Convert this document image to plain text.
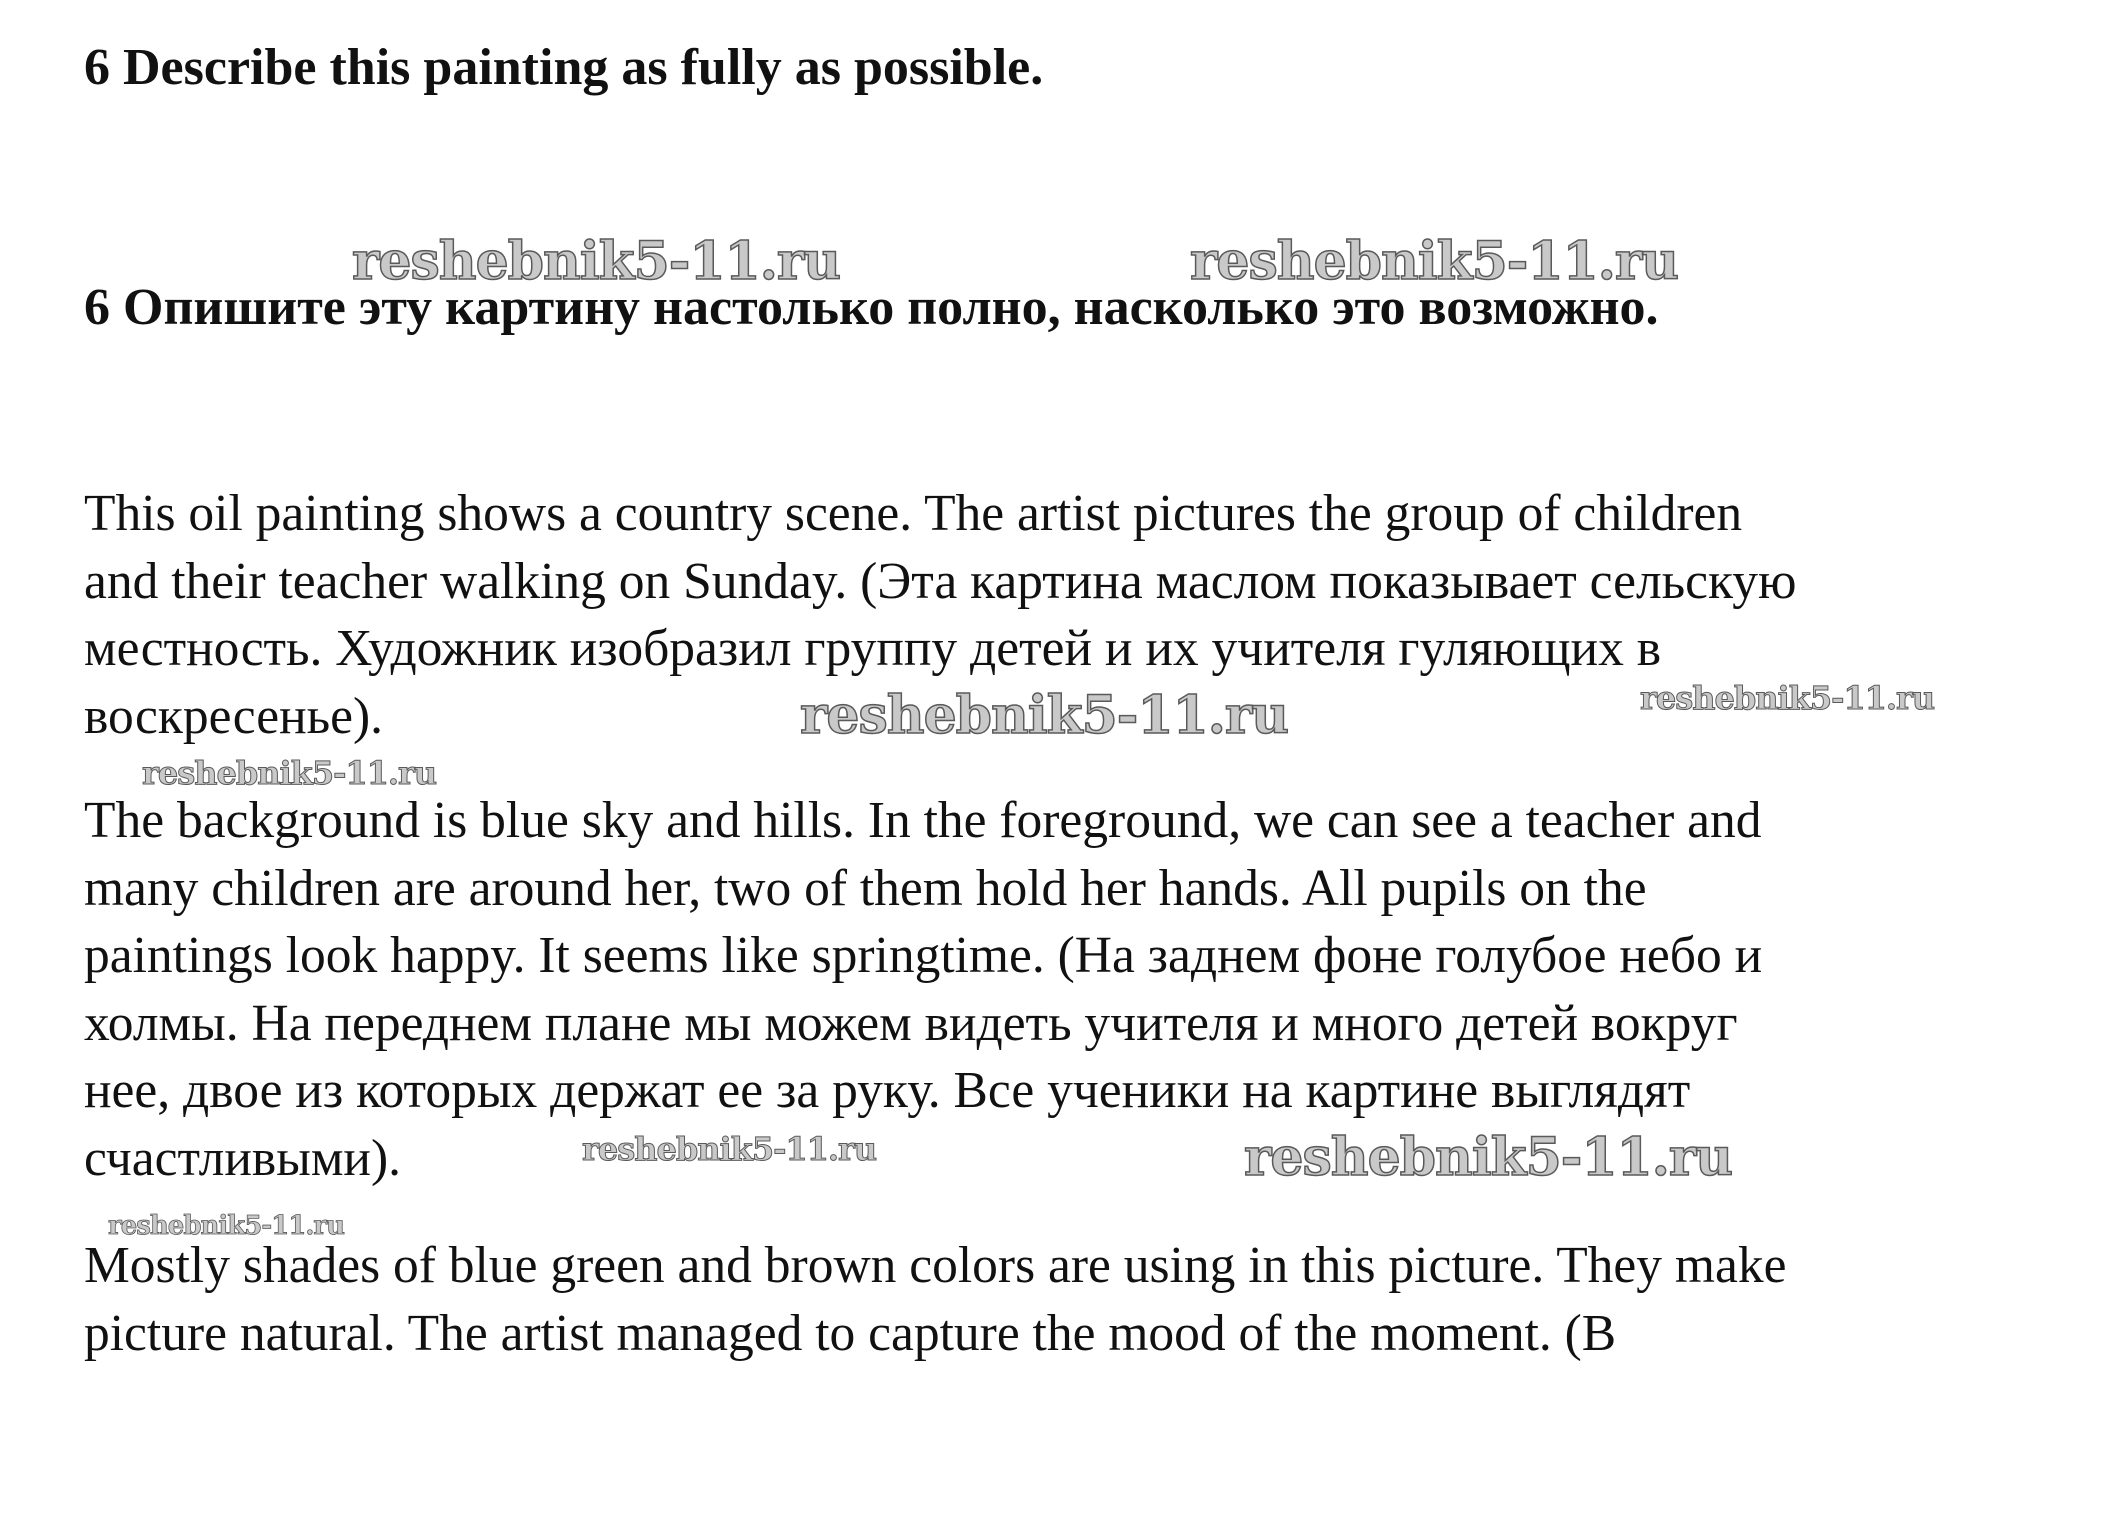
6 Describe this painting as fully as possible.
reshebnik5-11.ru	reshebnik5-11.ru
6 Опишите эту картину настолько полно, насколько это возможно.

This oil painting shows a country scene. The artist pictures the group of children
and their teacher walking on Sunday. (Эта картина маслом показывает сельскую
местность. Художник изобразил группу детей и их учителя гуляющих в
воскресенье).	reshebnik5-11.ru	reshebnik5-11.ru
reshebnik5-11.ru

The background is blue sky and hills. In the foreground, we can see a teacher and
many children are around her, two of them hold her hands. All pupils on the
paintings look happy. It seems like springtime. (На заднем фоне голубое небо и
холмы. На переднем плане мы можем видеть учителя и много детей вокруг
нее, двое из которых держат ее за руку. Все ученики на картине выглядят
счастливыми).	reshebnik5-11.ru	reshebnik5-11.ru
reshebnik5-11.ru

Mostly shades of blue green and brown colors are using in this picture. They make
picture natural. The artist managed to capture the mood of the moment. (В
